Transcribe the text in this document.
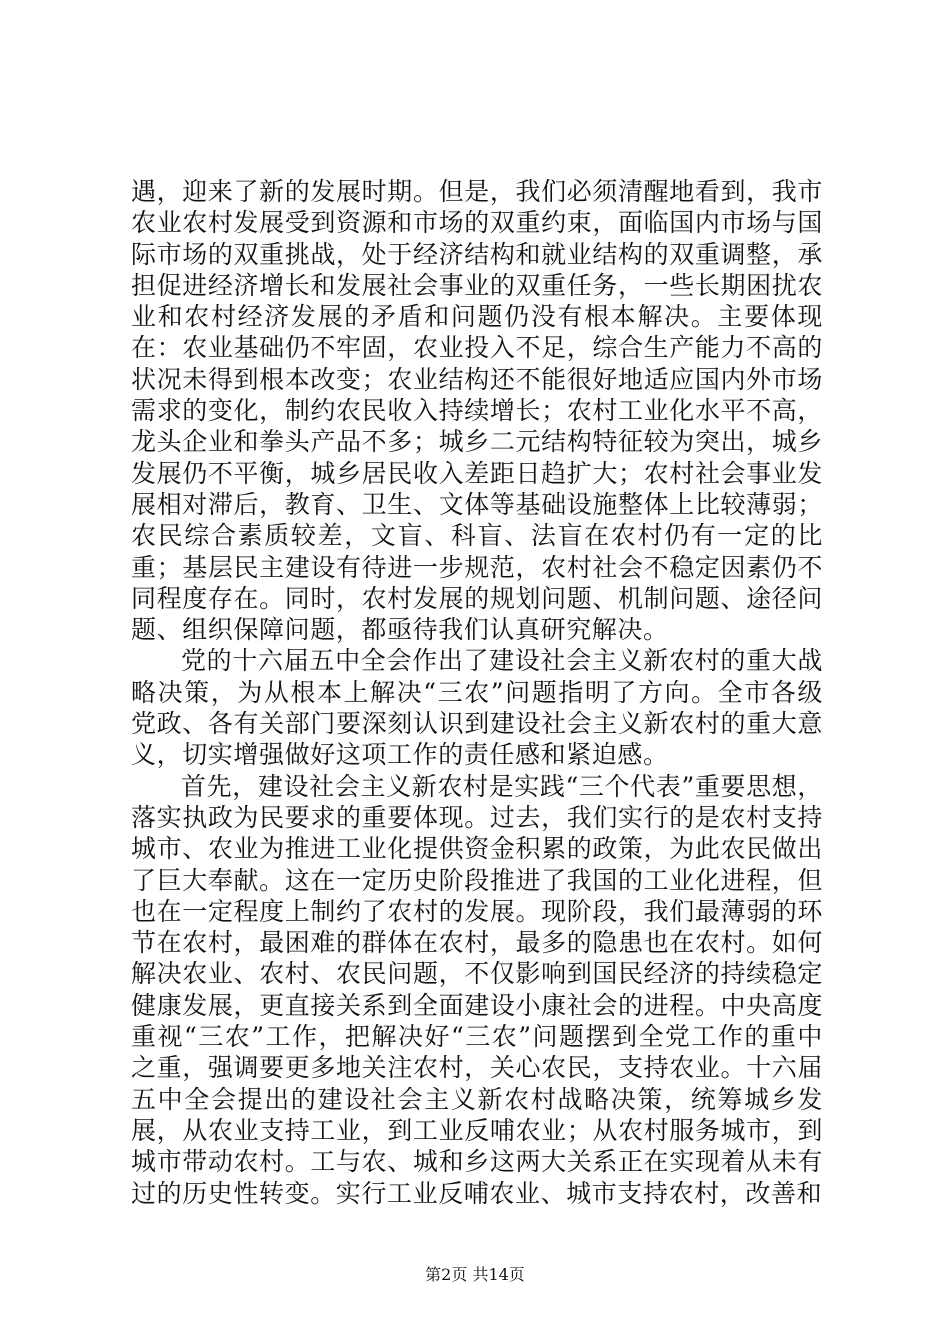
遇，迎来了新的发展时期。但是，我们必须清醒地看到，我市农业农村发展受到资源和市场的双重约束，面临国内市场与国际市场的双重挑战，处于经济结构和就业结构的双重调整，承担促进经济增长和发展社会事业的双重任务，一些长期困扰农业和农村经济发展的矛盾和问题仍没有根本解决。主要体现在：农业基础仍不牢固，农业投入不足，综合生产能力不高的状况未得到根本改变；农业结构还不能很好地适应国内外市场需求的变化，制约农民收入持续增长；农村工业化水平不高，龙头企业和拳头产品不多；城乡二元结构特征较为突出，城乡发展仍不平衡，城乡居民收入差距日趋扩大；农村社会事业发展相对滞后，教育、卫生、文体等基础设施整体上比较薄弱；农民综合素质较差，文盲、科盲、法盲在农村仍有一定的比重；基层民主建设有待进一步规范，农村社会不稳定因素仍不同程度存在。同时，农村发展的规划问题、机制问题、途径问题、组织保障问题，都亟待我们认真研究解决。

党的十六届五中全会作出了建设社会主义新农村的重大战略决策，为从根本上解决“三农”问题指明了方向。全市各级党政、各有关部门要深刻认识到建设社会主义新农村的重大意义，切实增强做好这项工作的责任感和紧迫感。

首先，建设社会主义新农村是实践“三个代表”重要思想，落实执政为民要求的重要体现。过去，我们实行的是农村支持城市、农业为推进工业化提供资金积累的政策，为此农民做出了巨大奉献。这在一定历史阶段推进了我国的工业化进程，但也在一定程度上制约了农村的发展。现阶段，我们最薄弱的环节在农村，最困难的群体在农村，最多的隐患也在农村。如何解决农业、农村、农民问题，不仅影响到国民经济的持续稳定健康发展，更直接关系到全面建设小康社会的进程。中央高度重视“三农”工作，把解决好“三农”问题摆到全党工作的重中之重，强调要更多地关注农村，关心农民，支持农业。十六届五中全会提出的建设社会主义新农村战略决策，统筹城乡发展，从农业支持工业，到工业反哺农业；从农村服务城市，到城市带动农村。工与农、城和乡这两大关系正在实现着从未有过的历史性转变。实行工业反哺农业、城市支持农村，改善和

第2页 共14页
